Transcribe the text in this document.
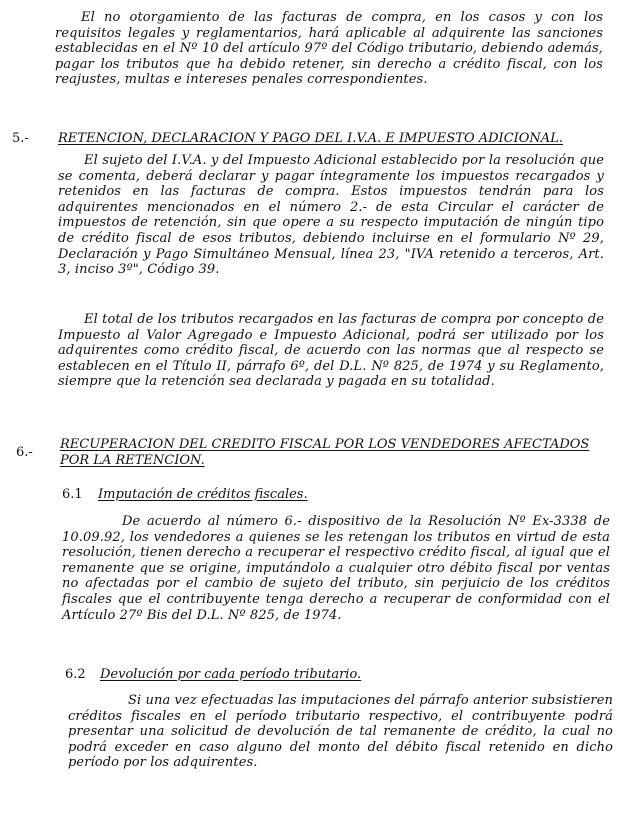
El no otorgamiento de las facturas de compra, en los casos y con los requisitos legales y reglamentarios, hará aplicable al adquirente las sanciones establecidas en el Nº 10 del artículo 97º del Código tributario, debiendo además, pagar los tributos que ha debido retener, sin derecho a crédito fiscal, con los reajustes, multas e intereses penales correspondientes.

5.- RETENCION, DECLARACION Y PAGO DEL I.V.A. E IMPUESTO ADICIONAL.

El sujeto del I.V.A. y del Impuesto Adicional establecido por la resolución que se comenta, deberá declarar y pagar íntegramente los impuestos recargados y retenidos en las facturas de compra. Estos impuestos tendrán para los adquirentes mencionados en el número 2.- de esta Circular el carácter de impuestos de retención, sin que opere a su respecto imputación de ningún tipo de crédito fiscal de esos tributos, debiendo incluirse en el formulario Nº 29, Declaración y Pago Simultáneo Mensual, línea 23, "IVA retenido a terceros, Art. 3, inciso 3º", Código 39.

El total de los tributos recargados en las facturas de compra por concepto de Impuesto al Valor Agregado e Impuesto Adicional, podrá ser utilizado por los adquirentes como crédito fiscal, de acuerdo con las normas que al respecto se establecen en el Título II, párrafo 6º, del D.L. Nº 825, de 1974 y su Reglamento, siempre que la retención sea declarada y pagada en su totalidad.

6.-

RECUPERACION DEL CREDITO FISCAL POR LOS VENDEDORES AFECTADOS POR LA RETENCION.

6.1 Imputación de créditos fiscales.

De acuerdo al número 6.- dispositivo de la Resolución Nº Ex-3338 de 10.09.92, los vendedores a quienes se les retengan los tributos en virtud de esta resolución, tienen derecho a recuperar el respectivo crédito fiscal, al igual que el remanente que se origine, imputándolo a cualquier otro débito fiscal por ventas no afectadas por el cambio de sujeto del tributo, sin perjuicio de los créditos fiscales que el contribuyente tenga derecho a recuperar de conformidad con el Artículo 27º Bis del D.L. Nº 825, de 1974.

6.2 Devolución por cada período tributario.

Si una vez efectuadas las imputaciones del párrafo anterior subsistieren créditos fiscales en el período tributario respectivo, el contribuyente podrá presentar una solicitud de devolución de tal remanente de crédito, la cual no podrá exceder en caso alguno del monto del débito fiscal retenido en dicho período por los adquirentes.
